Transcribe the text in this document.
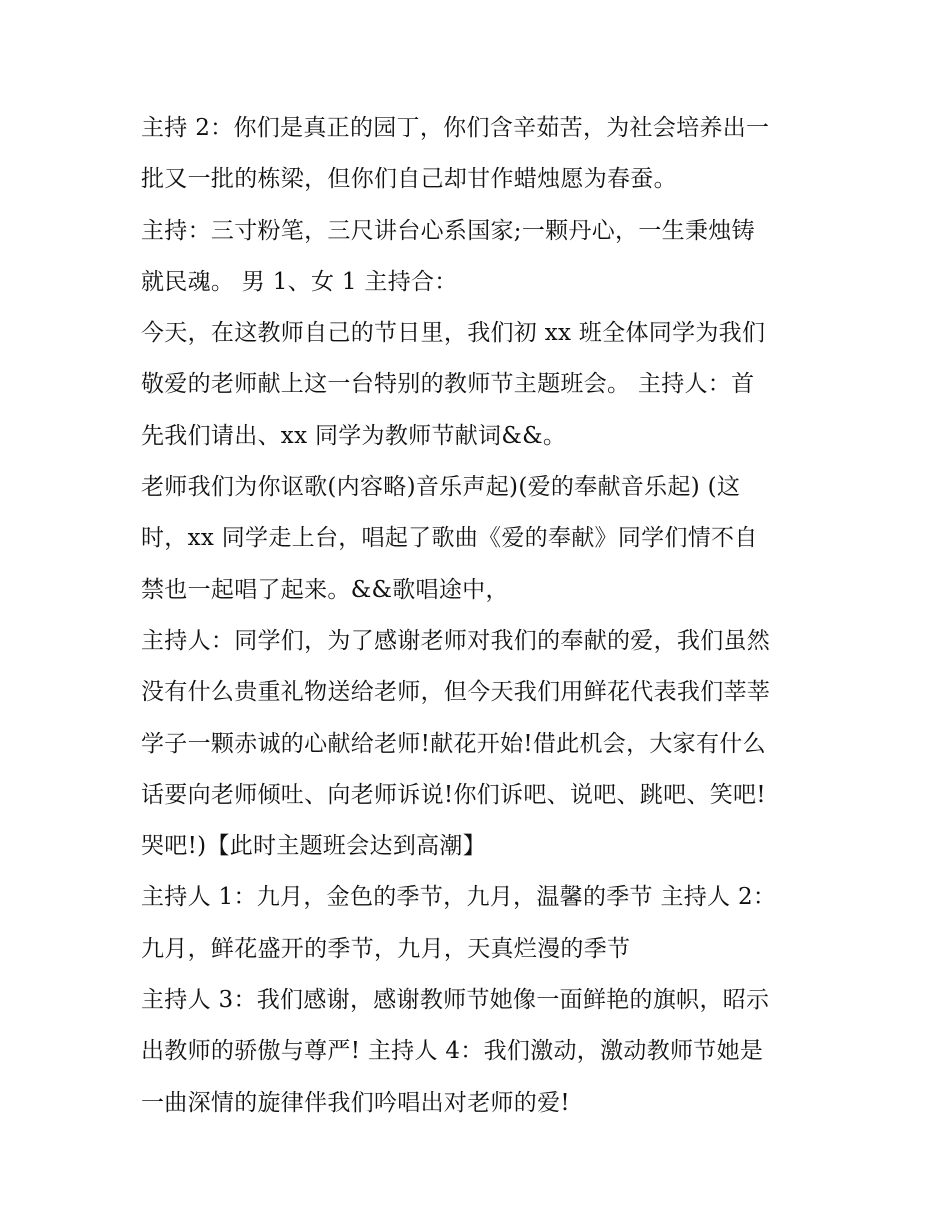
主持 2：你们是真正的园丁，你们含辛茹苦，为社会培养出一
批又一批的栋梁，但你们自己却甘作蜡烛愿为春蚕。
主持：三寸粉笔，三尺讲台心系国家;一颗丹心，一生秉烛铸
就民魂。 男 1、女 1 主持合：
今天，在这教师自己的节日里，我们初 xx 班全体同学为我们
敬爱的老师献上这一台特别的教师节主题班会。 主持人：首
先我们请出、xx 同学为教师节献词&&。
老师我们为你讴歌(内容略)音乐声起)(爱的奉献音乐起) (这
时，xx 同学走上台，唱起了歌曲《爱的奉献》同学们情不自
禁也一起唱了起来。&&歌唱途中，
主持人：同学们，为了感谢老师对我们的奉献的爱，我们虽然
没有什么贵重礼物送给老师，但今天我们用鲜花代表我们莘莘
学子一颗赤诚的心献给老师!献花开始!借此机会，大家有什么
话要向老师倾吐、向老师诉说!你们诉吧、说吧、跳吧、笑吧!
哭吧!)【此时主题班会达到高潮】
主持人 1：九月，金色的季节，九月，温馨的季节 主持人 2：
九月，鲜花盛开的季节，九月，天真烂漫的季节
主持人 3：我们感谢，感谢教师节她像一面鲜艳的旗帜，昭示
出教师的骄傲与尊严! 主持人 4：我们激动，激动教师节她是
一曲深情的旋律伴我们吟唱出对老师的爱!
